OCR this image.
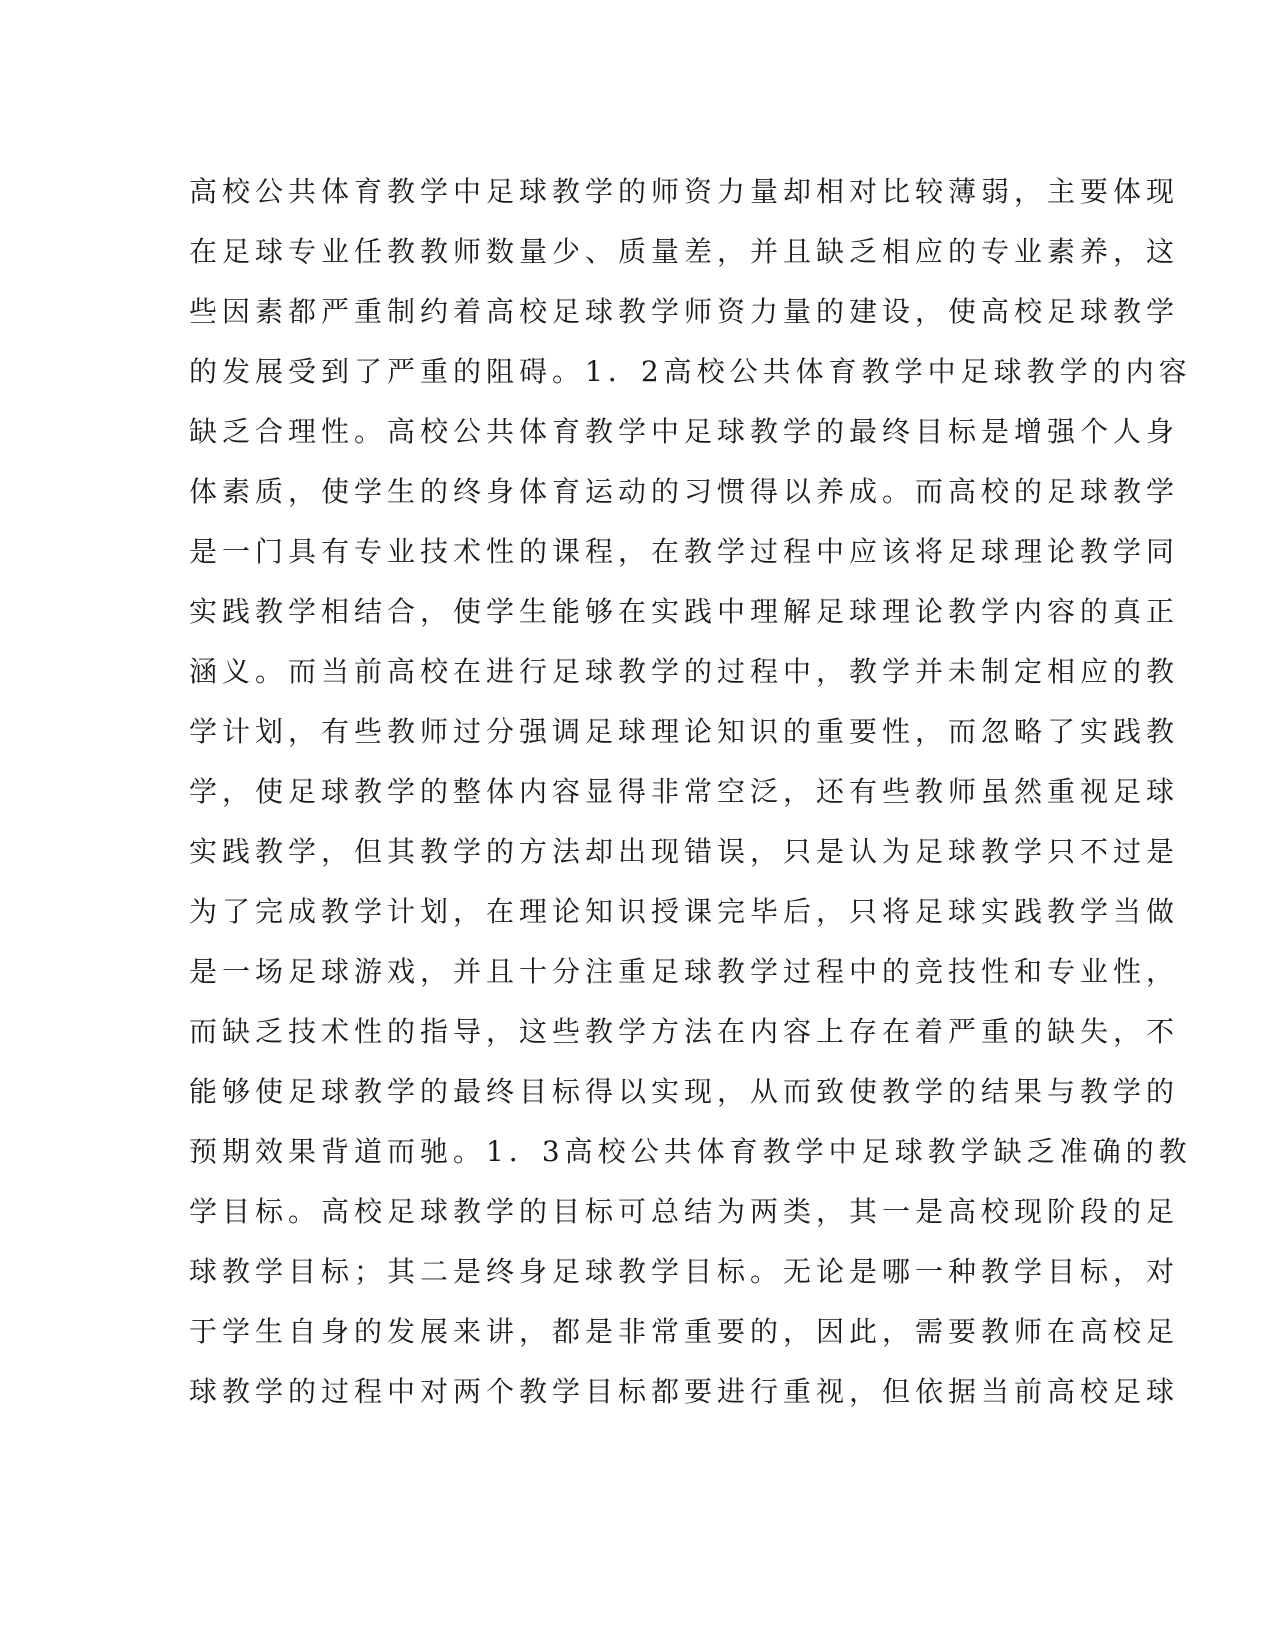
高校公共体育教学中足球教学的师资力量却相对比较薄弱，主要体现
在足球专业任教教师数量少、质量差，并且缺乏相应的专业素养，这
些因素都严重制约着高校足球教学师资力量的建设，使高校足球教学
的发展受到了严重的阻碍。1．2高校公共体育教学中足球教学的内容
缺乏合理性。高校公共体育教学中足球教学的最终目标是增强个人身
体素质，使学生的终身体育运动的习惯得以养成。而高校的足球教学
是一门具有专业技术性的课程，在教学过程中应该将足球理论教学同
实践教学相结合，使学生能够在实践中理解足球理论教学内容的真正
涵义。而当前高校在进行足球教学的过程中，教学并未制定相应的教
学计划，有些教师过分强调足球理论知识的重要性，而忽略了实践教
学，使足球教学的整体内容显得非常空泛，还有些教师虽然重视足球
实践教学，但其教学的方法却出现错误，只是认为足球教学只不过是
为了完成教学计划，在理论知识授课完毕后，只将足球实践教学当做
是一场足球游戏，并且十分注重足球教学过程中的竞技性和专业性，
而缺乏技术性的指导，这些教学方法在内容上存在着严重的缺失，不
能够使足球教学的最终目标得以实现，从而致使教学的结果与教学的
预期效果背道而驰。1．3高校公共体育教学中足球教学缺乏准确的教
学目标。高校足球教学的目标可总结为两类，其一是高校现阶段的足
球教学目标；其二是终身足球教学目标。无论是哪一种教学目标，对
于学生自身的发展来讲，都是非常重要的，因此，需要教师在高校足
球教学的过程中对两个教学目标都要进行重视，但依据当前高校足球
